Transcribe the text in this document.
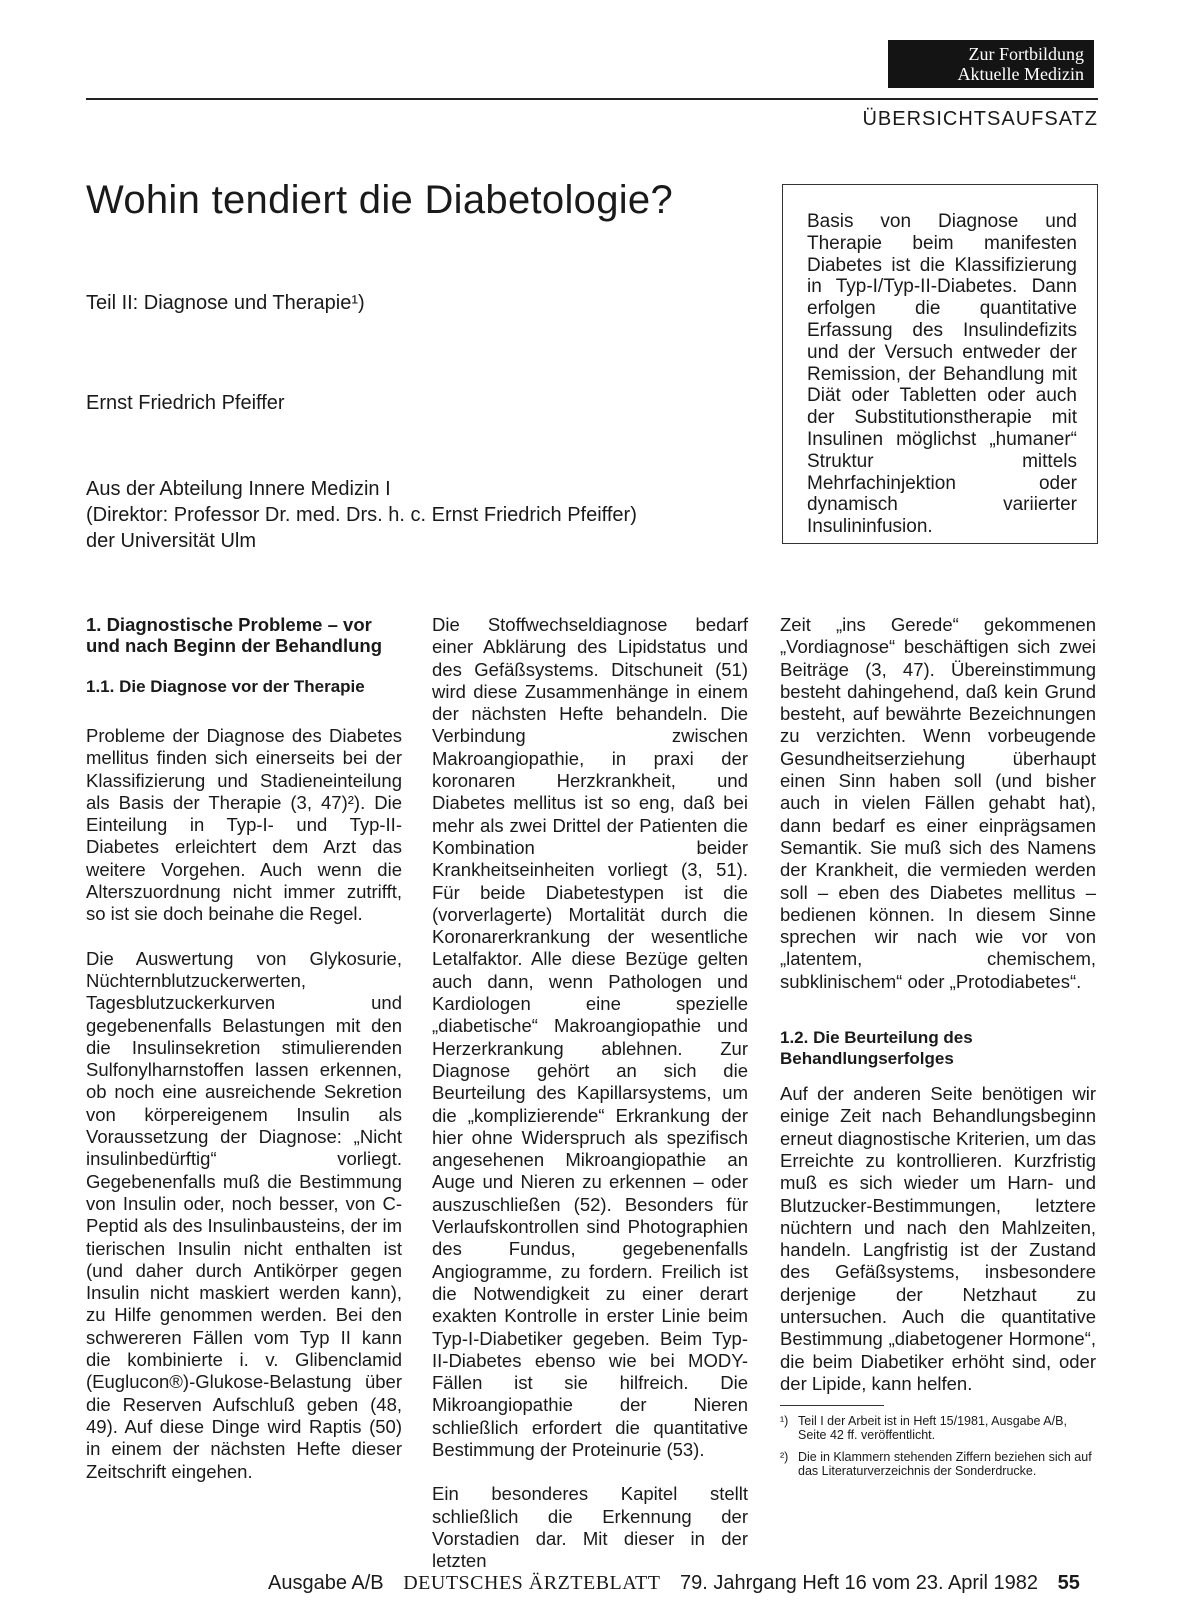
Zur Fortbildung
Aktuelle Medizin
ÜBERSICHTSAUFSATZ
Wohin tendiert die Diabetologie?
Teil II: Diagnose und Therapie¹)
Ernst Friedrich Pfeiffer
Aus der Abteilung Innere Medizin I
(Direktor: Professor Dr. med. Drs. h. c. Ernst Friedrich Pfeiffer)
der Universität Ulm
Basis von Diagnose und Therapie beim manifesten Diabetes ist die Klassifizierung in Typ-I/Typ-II-Diabetes. Dann erfolgen die quantitative Erfassung des Insulindefizits und der Versuch entweder der Remission, der Behandlung mit Diät oder Tabletten oder auch der Substitutionstherapie mit Insulinen möglichst „humaner“ Struktur mittels Mehrfachinjektion oder dynamisch variierter Insulininfusion.
1. Diagnostische Probleme – vor und nach Beginn der Behandlung
1.1. Die Diagnose vor der Therapie

Probleme der Diagnose des Diabetes mellitus finden sich einerseits bei der Klassifizierung und Stadieneinteilung als Basis der Therapie (3, 47)²). Die Einteilung in Typ-I- und Typ-II-Diabetes erleichtert dem Arzt das weitere Vorgehen. Auch wenn die Alterszuordnung nicht immer zutrifft, so ist sie doch beinahe die Regel.

Die Auswertung von Glykosurie, Nüchternblutzuckerwerten, Tagesblutzuckerkurven und gegebenenfalls Belastungen mit den die Insulinsekretion stimulierenden Sulfonylharnstoffen lassen erkennen, ob noch eine ausreichende Sekretion von körpereigenem Insulin als Voraussetzung der Diagnose: „Nicht insulinbedürftig“ vorliegt. Gegebenenfalls muß die Bestimmung von Insulin oder, noch besser, von C-Peptid als des Insulinbausteins, der im tierischen Insulin nicht enthalten ist (und daher durch Antikörper gegen Insulin nicht maskiert werden kann), zu Hilfe genommen werden. Bei den schwereren Fällen vom Typ II kann die kombinierte i. v. Glibenclamid (Euglucon®)-Glukose-Belastung über die Reserven Aufschluß geben (48, 49). Auf diese Dinge wird Raptis (50) in einem der nächsten Hefte dieser Zeitschrift eingehen.

Die Stoffwechseldiagnose bedarf einer Abklärung des Lipidstatus und des Gefäßsystems. Ditschuneit (51) wird diese Zusammenhänge in einem der nächsten Hefte behandeln. Die Verbindung zwischen Makroangiopathie, in praxi der koronaren Herzkrankheit, und Diabetes mellitus ist so eng, daß bei mehr als zwei Drittel der Patienten die Kombination beider Krankheitseinheiten vorliegt (3, 51). Für beide Diabetestypen ist die (vorverlagerte) Mortalität durch die Koronarerkrankung der wesentliche Letalfaktor. Alle diese Bezüge gelten auch dann, wenn Pathologen und Kardiologen eine spezielle „diabetische“ Makroangiopathie und Herzerkrankung ablehnen. Zur Diagnose gehört an sich die Beurteilung des Kapillarsystems, um die „komplizierende“ Erkrankung der hier ohne Widerspruch als spezifisch angesehenen Mikroangiopathie an Auge und Nieren zu erkennen – oder auszuschließen (52). Besonders für Verlaufskontrollen sind Photographien des Fundus, gegebenenfalls Angiogramme, zu fordern. Freilich ist die Notwendigkeit zu einer derart exakten Kontrolle in erster Linie beim Typ-I-Diabetiker gegeben. Beim Typ-II-Diabetes ebenso wie bei MODY-Fällen ist sie hilfreich. Die Mikroangiopathie der Nieren schließlich erfordert die quantitative Bestimmung der Proteinurie (53).

Ein besonderes Kapitel stellt schließlich die Erkennung der Vorstadien dar. Mit dieser in der letzten

Zeit „ins Gerede“ gekommenen „Vordiagnose“ beschäftigen sich zwei Beiträge (3, 47). Übereinstimmung besteht dahingehend, daß kein Grund besteht, auf bewährte Bezeichnungen zu verzichten. Wenn vorbeugende Gesundheitserziehung überhaupt einen Sinn haben soll (und bisher auch in vielen Fällen gehabt hat), dann bedarf es einer einprägsamen Semantik. Sie muß sich des Namens der Krankheit, die vermieden werden soll – eben des Diabetes mellitus – bedienen können. In diesem Sinne sprechen wir nach wie vor von „latentem, chemischem, subklinischem“ oder „Protodiabetes“.

1.2. Die Beurteilung des Behandlungserfolges

Auf der anderen Seite benötigen wir einige Zeit nach Behandlungsbeginn erneut diagnostische Kriterien, um das Erreichte zu kontrollieren. Kurzfristig muß es sich wieder um Harn- und Blutzucker-Bestimmungen, letztere nüchtern und nach den Mahlzeiten, handeln. Langfristig ist der Zustand des Gefäßsystems, insbesondere derjenige der Netzhaut zu untersuchen. Auch die quantitative Bestimmung „diabetogener Hormone“, die beim Diabetiker erhöht sind, oder der Lipide, kann helfen.

¹) Teil I der Arbeit ist in Heft 15/1981, Ausgabe A/B, Seite 42 ff. veröffentlicht.
²) Die in Klammern stehenden Ziffern beziehen sich auf das Literaturverzeichnis der Sonderdrucke.
Ausgabe A/B DEUTSCHES ÄRZTEBLATT 79. Jahrgang Heft 16 vom 23. April 1982 55
